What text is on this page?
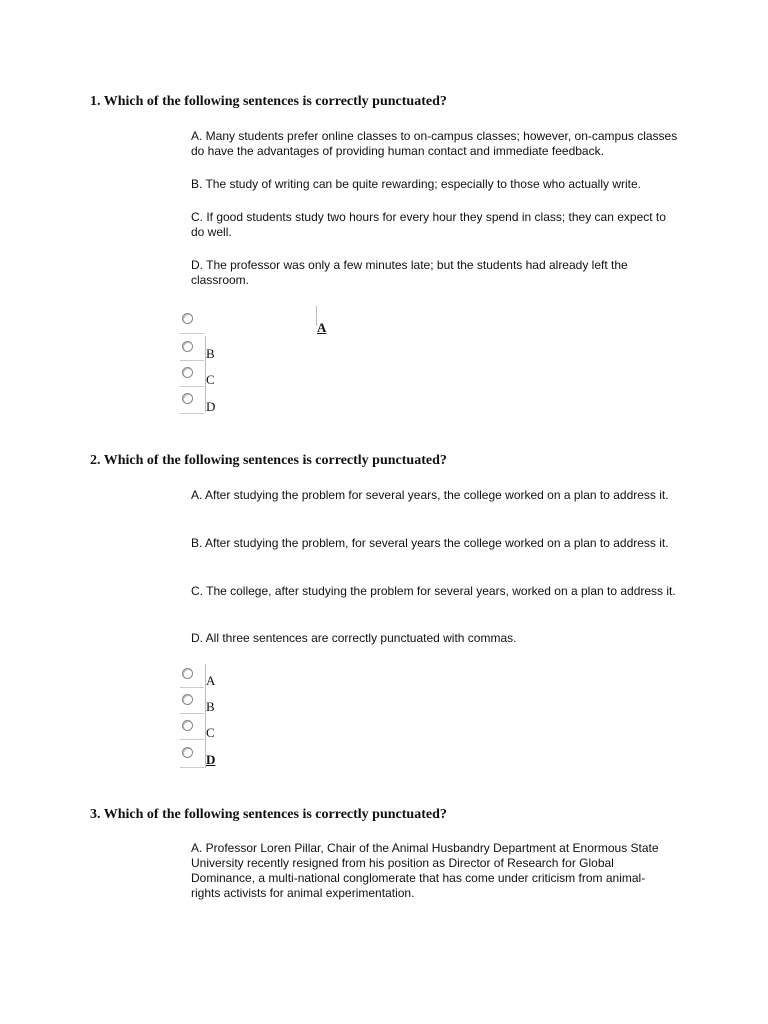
1. Which of the following sentences is correctly punctuated?
A. Many students prefer online classes to on-campus classes; however, on-campus classes do have the advantages of providing human contact and immediate feedback.
B. The study of writing can be quite rewarding; especially to those who actually write.
C. If good students study two hours for every hour they spend in class; they can expect to do well.
D. The professor was only a few minutes late; but the students had already left the classroom.
A
B
C
D
2. Which of the following sentences is correctly punctuated?
A. After studying the problem for several years, the college worked on a plan to address it.
B. After studying the problem, for several years the college worked on a plan to address it.
C. The college, after studying the problem for several years, worked on a plan to address it.
D. All three sentences are correctly punctuated with commas.
A
B
C
D
3. Which of the following sentences is correctly punctuated?
A. Professor Loren Pillar, Chair of the Animal Husbandry Department at Enormous State University recently resigned from his position as Director of Research for Global Dominance, a multi-national conglomerate that has come under criticism from animal-rights activists for animal experimentation.
